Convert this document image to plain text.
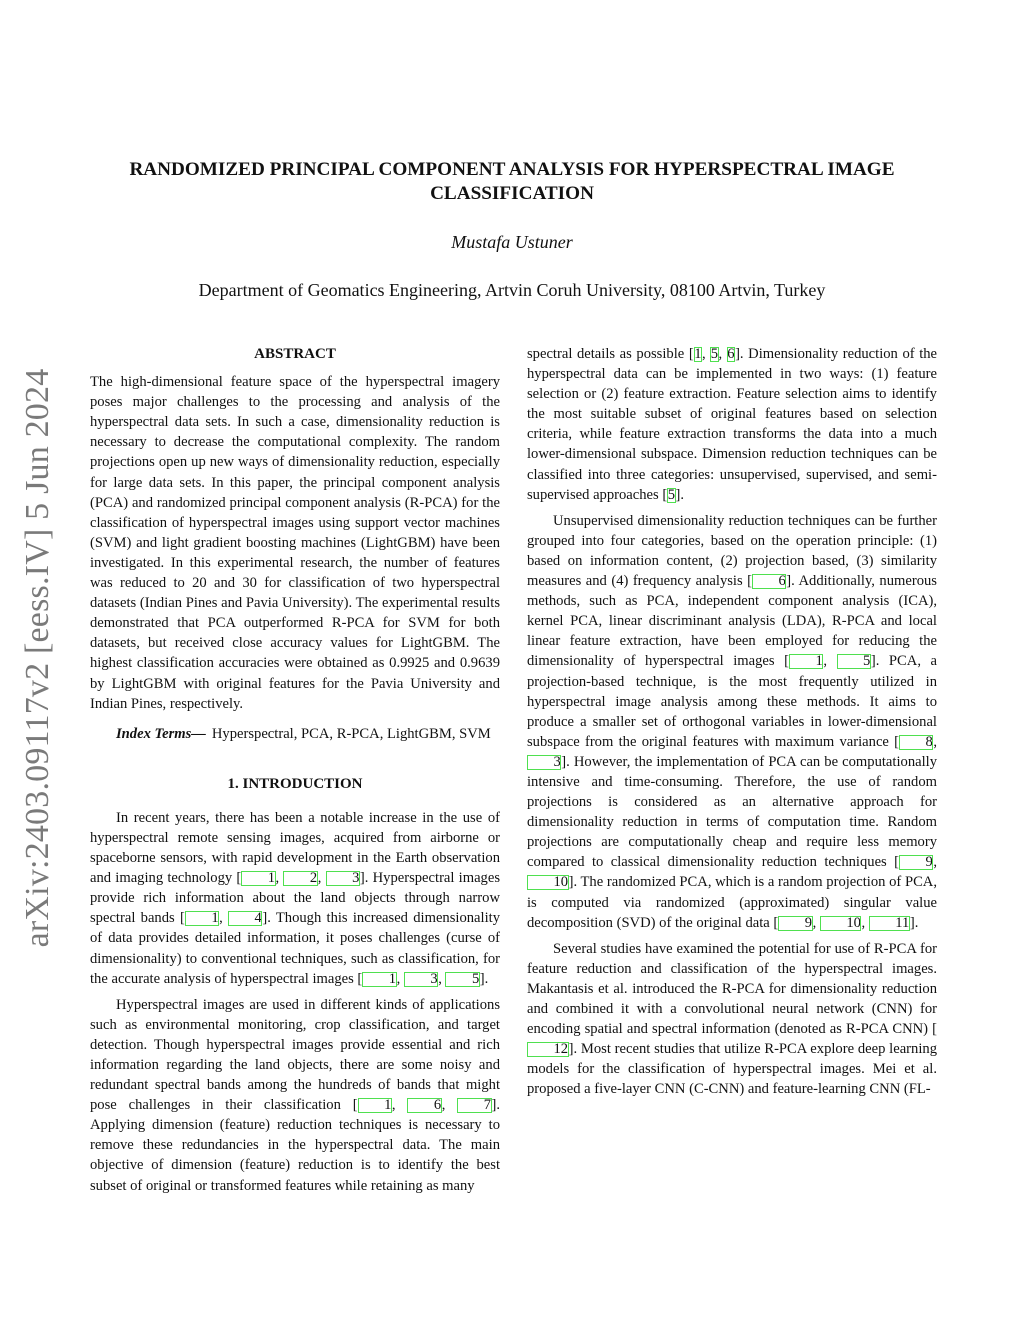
arXiv:2403.09117v2 [eess.IV] 5 Jun 2024
RANDOMIZED PRINCIPAL COMPONENT ANALYSIS FOR HYPERSPECTRAL IMAGE CLASSIFICATION
Mustafa Ustuner
Department of Geomatics Engineering, Artvin Coruh University, 08100 Artvin, Turkey
ABSTRACT

The high-dimensional feature space of the hyperspectral imagery poses major challenges to the processing and analysis of the hyperspectral data sets. In such a case, dimensionality reduction is necessary to decrease the computational complexity. The random projections open up new ways of dimensionality reduction, especially for large data sets. In this paper, the principal component analysis (PCA) and randomized principal component analysis (R-PCA) for the classification of hyperspectral images using support vector machines (SVM) and light gradient boosting machines (LightGBM) have been investigated. In this experimental research, the number of features was reduced to 20 and 30 for classification of two hyperspectral datasets (Indian Pines and Pavia University). The experimental results demonstrated that PCA outperformed R-PCA for SVM for both datasets, but received close accuracy values for LightGBM. The highest classification accuracies were obtained as 0.9925 and 0.9639 by LightGBM with original features for the Pavia University and Indian Pines, respectively.

Index Terms— Hyperspectral, PCA, R-PCA, LightGBM, SVM

1. INTRODUCTION

In recent years, there has been a notable increase in the use of hyperspectral remote sensing images, acquired from airborne or spaceborne sensors, with rapid development in the Earth observation and imaging technology [ 1, 2, 3]. Hyperspectral images provide rich information about the land objects through narrow spectral bands [ 1, 4]. Though this increased dimensionality of data provides detailed information, it poses challenges (curse of dimensionality) to conventional techniques, such as classification, for the accurate analysis of hyperspectral images [ 1, 3, 5].

Hyperspectral images are used in different kinds of applications such as environmental monitoring, crop classification, and target detection. Though hyperspectral images provide essential and rich information regarding the land objects, there are some noisy and redundant spectral bands among the hundreds of bands that might pose challenges in their classification [ 1, 6, 7]. Applying dimension (feature) reduction techniques is necessary to remove these redundancies in the hyperspectral data. The main objective of dimension (feature) reduction is to identify the best subset of original or transformed features while retaining as many

spectral details as possible [1, 5, 6]. Dimensionality reduction of the hyperspectral data can be implemented in two ways: (1) feature selection or (2) feature extraction. Feature selection aims to identify the most suitable subset of original features based on selection criteria, while feature extraction transforms the data into a much lower-dimensional subspace. Dimension reduction techniques can be classified into three categories: unsupervised, supervised, and semi-supervised approaches [5].

Unsupervised dimensionality reduction techniques can be further grouped into four categories, based on the operation principle: (1) based on information content, (2) projection based, (3) similarity measures and (4) frequency analysis [ 6]. Additionally, numerous methods, such as PCA, independent component analysis (ICA), kernel PCA, linear discriminant analysis (LDA), R-PCA and local linear feature extraction, have been employed for reducing the dimensionality of hyperspectral images [ 1, 5]. PCA, a projection-based technique, is the most frequently utilized in hyperspectral image analysis among these methods. It aims to produce a smaller set of orthogonal variables in lower-dimensional subspace from the original features with maximum variance [ 8, 3]. However, the implementation of PCA can be computationally intensive and time-consuming. Therefore, the use of random projections is considered as an alternative approach for dimensionality reduction in terms of computation time. Random projections are computationally cheap and require less memory compared to classical dimensionality reduction techniques [ 9, 10]. The randomized PCA, which is a random projection of PCA, is computed via randomized (approximated) singular value decomposition (SVD) of the original data [ 9, 10, 11].

Several studies have examined the potential for use of R-PCA for feature reduction and classification of the hyperspectral images. Makantasis et al. introduced the R-PCA for dimensionality reduction and combined it with a convolutional neural network (CNN) for encoding spatial and spectral information (denoted as R-PCA CNN) [12]. Most recent studies that utilize R-PCA explore deep learning models for the classification of hyperspectral images. Mei et al. proposed a five-layer CNN (C-CNN) and feature-learning CNN (FL-
